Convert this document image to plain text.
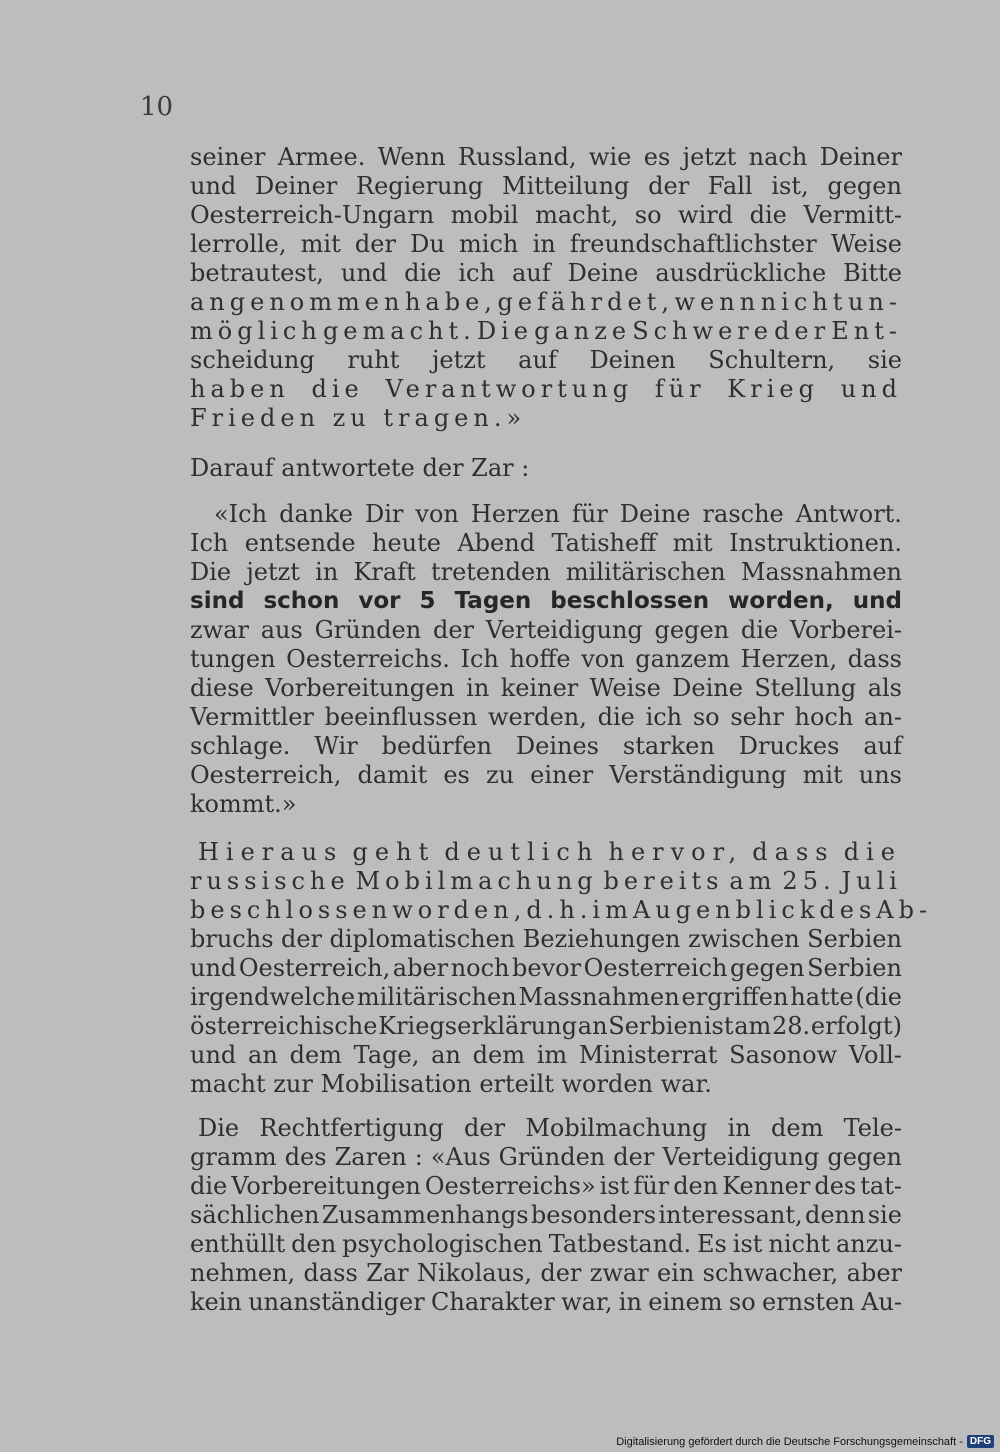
10
seiner Armee. Wenn Russland, wie es jetzt nach Deiner
und Deiner Regierung Mitteilung der Fall ist, gegen
Oesterreich-Ungarn mobil macht, so wird die Vermitt-
lerrolle, mit der Du mich in freundschaftlichster Weise
betrautest, und die ich auf Deine ausdrückliche Bitte
angenommen habe, gefährdet, wenn nicht un-
möglich gemacht. Die ganze Schwere der Ent-
scheidung ruht jetzt auf Deinen Schultern, sie
haben die Verantwortung für Krieg und
Frieden zu tragen.»
Darauf antwortete der Zar :
«Ich danke Dir von Herzen für Deine rasche Antwort.
Ich entsende heute Abend Tatisheff mit Instruktionen.
Die jetzt in Kraft tretenden militärischen Massnahmen
sind schon vor 5 Tagen beschlossen worden, und
zwar aus Gründen der Verteidigung gegen die Vorberei-
tungen Oesterreichs. Ich hoffe von ganzem Herzen, dass
diese Vorbereitungen in keiner Weise Deine Stellung als
Vermittler beeinflussen werden, die ich so sehr hoch an-
schlage. Wir bedürfen Deines starken Druckes auf
Oesterreich, damit es zu einer Verständigung mit uns
kommt.»
Hieraus geht deutlich hervor, dass die
russische Mobilmachung bereits am 25. Juli
beschlossen worden, d. h. im Augenblick des Ab-
bruchs der diplomatischen Beziehungen zwischen Serbien
und Oesterreich, aber noch bevor Oesterreich gegen Serbien
irgendwelche militärischen Massnahmen ergriffen hatte (die
österreichische Kriegserklärung an Serbien ist am 28. erfolgt)
und an dem Tage, an dem im Ministerrat Sasonow Voll-
macht zur Mobilisation erteilt worden war.
Die Rechtfertigung der Mobilmachung in dem Tele-
gramm des Zaren : «Aus Gründen der Verteidigung gegen
die Vorbereitungen Oesterreichs» ist für den Kenner des tat-
sächlichen Zusammenhangs besonders interessant, denn sie
enthüllt den psychologischen Tatbestand. Es ist nicht anzu-
nehmen, dass Zar Nikolaus, der zwar ein schwacher, aber
kein unanständiger Charakter war, in einem so ernsten Au-
Digitalisierung gefördert durch die Deutsche Forschungsgemeinschaft - DFG
